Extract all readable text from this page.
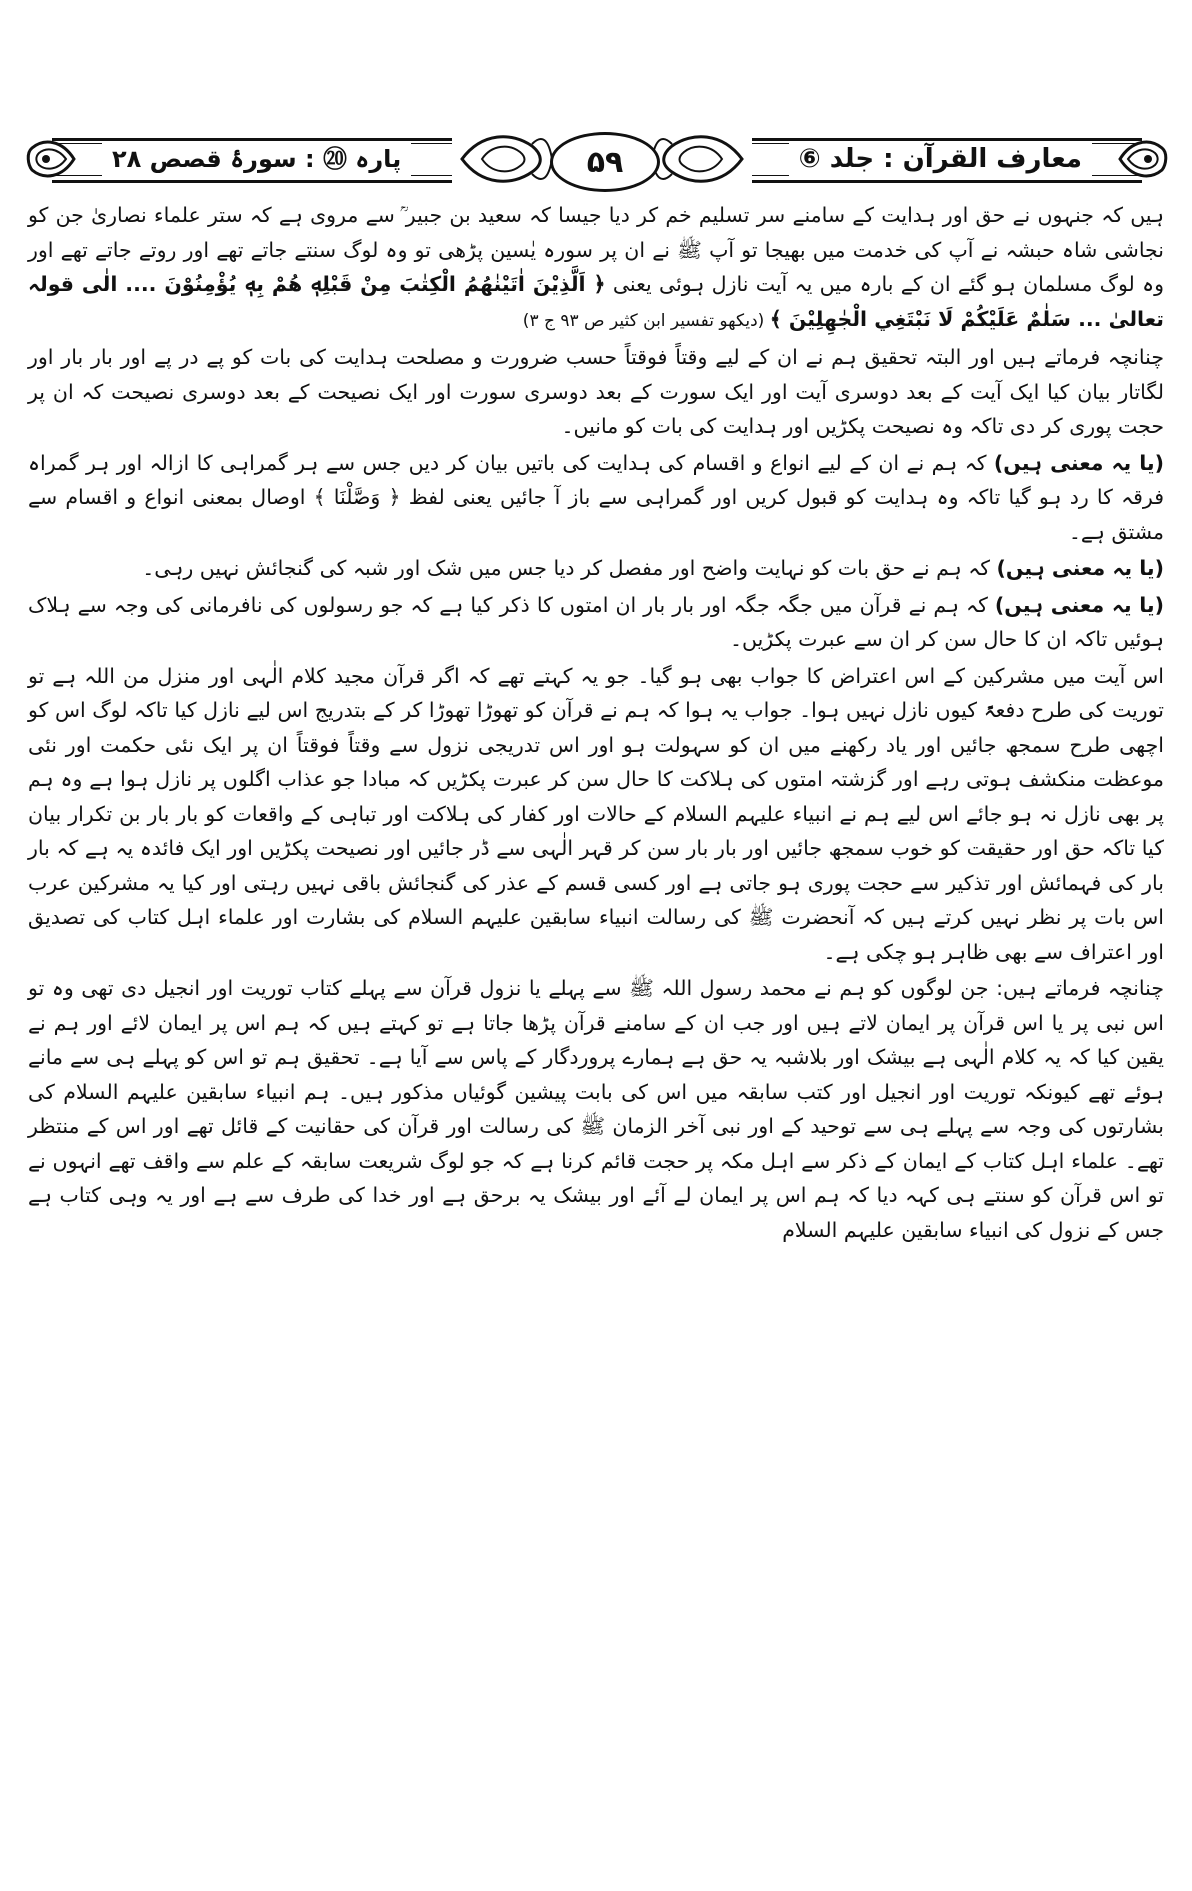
۵۹	معارف القرآن : جلد ⑥
پارہ ⑳ : سورۂ قصص ۲۸

ہیں کہ جنہوں نے حق اور ہدایت کے سامنے سر تسلیم خم کر دیا جیسا کہ سعید بن جبیر ؒ سے مروی ہے کہ ستر علماء نصاریٰ جن کو نجاشی شاہ حبشہ نے آپ کی خدمت میں بھیجا تو آپ ﷺ نے ان پر سورہ یٰسین پڑھی تو وہ لوگ سنتے جاتے تھے اور روتے جاتے تھے اور وہ لوگ مسلمان ہو گئے ان کے بارہ میں یہ آیت نازل ہوئی یعنی ﴿ اَلَّذِيْنَ اٰتَيْنٰهُمُ الْكِتٰبَ مِنْ قَبْلِهٖ هُمْ بِهٖ يُؤْمِنُوْنَ .... الٰی قولہ تعالیٰ ... سَلٰمٌ عَلَيْكُمْ لَا نَبْتَغِي الْجٰهِلِيْنَ ﴾ (دیکھو تفسیر ابن کثیر ص ۹۳ ج ۳)

چنانچہ فرماتے ہیں اور البتہ تحقیق ہم نے ان کے لیے وقتاً فوقتاً حسب ضرورت و مصلحت ہدایت کی بات کو پے در پے اور بار بار اور لگاتار بیان کیا ایک آیت کے بعد دوسری آیت اور ایک سورت کے بعد دوسری سورت اور ایک نصیحت کے بعد دوسری نصیحت کہ ان پر حجت پوری کر دی تاکہ وہ نصیحت پکڑیں اور ہدایت کی بات کو مانیں۔

(یا یہ معنی ہیں) کہ ہم نے ان کے لیے انواع و اقسام کی ہدایت کی باتیں بیان کر دیں جس سے ہر گمراہی کا ازالہ اور ہر گمراہ فرقہ کا رد ہو گیا تاکہ وہ ہدایت کو قبول کریں اور گمراہی سے باز آ جائیں یعنی لفظ ﴿ وَصَّلْنَا ﴾ اوصال بمعنی انواع و اقسام سے مشتق ہے۔

(یا یہ معنی ہیں) کہ ہم نے حق بات کو نہایت واضح اور مفصل کر دیا جس میں شک اور شبہ کی گنجائش نہیں رہی۔

(یا یہ معنی ہیں) کہ ہم نے قرآن میں جگہ جگہ اور بار بار ان امتوں کا ذکر کیا ہے کہ جو رسولوں کی نافرمانی کی وجہ سے ہلاک ہوئیں تاکہ ان کا حال سن کر ان سے عبرت پکڑیں۔

اس آیت میں مشرکین کے اس اعتراض کا جواب بھی ہو گیا۔ جو یہ کہتے تھے کہ اگر قرآن مجید کلام الٰہی اور منزل من اللہ ہے تو توریت کی طرح دفعۃً کیوں نازل نہیں ہوا۔ جواب یہ ہوا کہ ہم نے قرآن کو تھوڑا تھوڑا کر کے بتدریج اس لیے نازل کیا تاکہ لوگ اس کو اچھی طرح سمجھ جائیں اور یاد رکھنے میں ان کو سہولت ہو اور اس تدریجی نزول سے وقتاً فوقتاً ان پر ایک نئی حکمت اور نئی موعظت منکشف ہوتی رہے اور گزشتہ امتوں کی ہلاکت کا حال سن کر عبرت پکڑیں کہ مبادا جو عذاب اگلوں پر نازل ہوا ہے وہ ہم پر بھی نازل نہ ہو جائے اس لیے ہم نے انبیاء علیہم السلام کے حالات اور کفار کی ہلاکت اور تباہی کے واقعات کو بار بار بن تکرار بیان کیا تاکہ حق اور حقیقت کو خوب سمجھ جائیں اور بار بار سن کر قہر الٰہی سے ڈر جائیں اور نصیحت پکڑیں اور ایک فائدہ یہ ہے کہ بار بار کی فہمائش اور تذکیر سے حجت پوری ہو جاتی ہے اور کسی قسم کے عذر کی گنجائش باقی نہیں رہتی اور کیا یہ مشرکین عرب اس بات پر نظر نہیں کرتے ہیں کہ آنحضرت ﷺ کی رسالت انبیاء سابقین علیہم السلام کی بشارت اور علماء اہل کتاب کی تصدیق اور اعتراف سے بھی ظاہر ہو چکی ہے۔

چنانچہ فرماتے ہیں: جن لوگوں کو ہم نے محمد رسول اللہ ﷺ سے پہلے یا نزول قرآن سے پہلے کتاب توریت اور انجیل دی تھی وہ تو اس نبی پر یا اس قرآن پر ایمان لاتے ہیں اور جب ان کے سامنے قرآن پڑھا جاتا ہے تو کہتے ہیں کہ ہم اس پر ایمان لائے اور ہم نے یقین کیا کہ یہ کلام الٰہی ہے بیشک اور بلاشبہ یہ حق ہے ہمارے پروردگار کے پاس سے آیا ہے۔ تحقیق ہم تو اس کو پہلے ہی سے مانے ہوئے تھے کیونکہ توریت اور انجیل اور کتب سابقہ میں اس کی بابت پیشین گوئیاں مذکور ہیں۔ ہم انبیاء سابقین علیہم السلام کی بشارتوں کی وجہ سے پہلے ہی سے توحید کے اور نبی آخر الزمان ﷺ کی رسالت اور قرآن کی حقانیت کے قائل تھے اور اس کے منتظر تھے۔ علماء اہل کتاب کے ایمان کے ذکر سے اہل مکہ پر حجت قائم کرنا ہے کہ جو لوگ شریعت سابقہ کے علم سے واقف تھے انہوں نے تو اس قرآن کو سنتے ہی کہہ دیا کہ ہم اس پر ایمان لے آئے اور بیشک یہ برحق ہے اور خدا کی طرف سے ہے اور یہ وہی کتاب ہے جس کے نزول کی انبیاء سابقین علیہم السلام
